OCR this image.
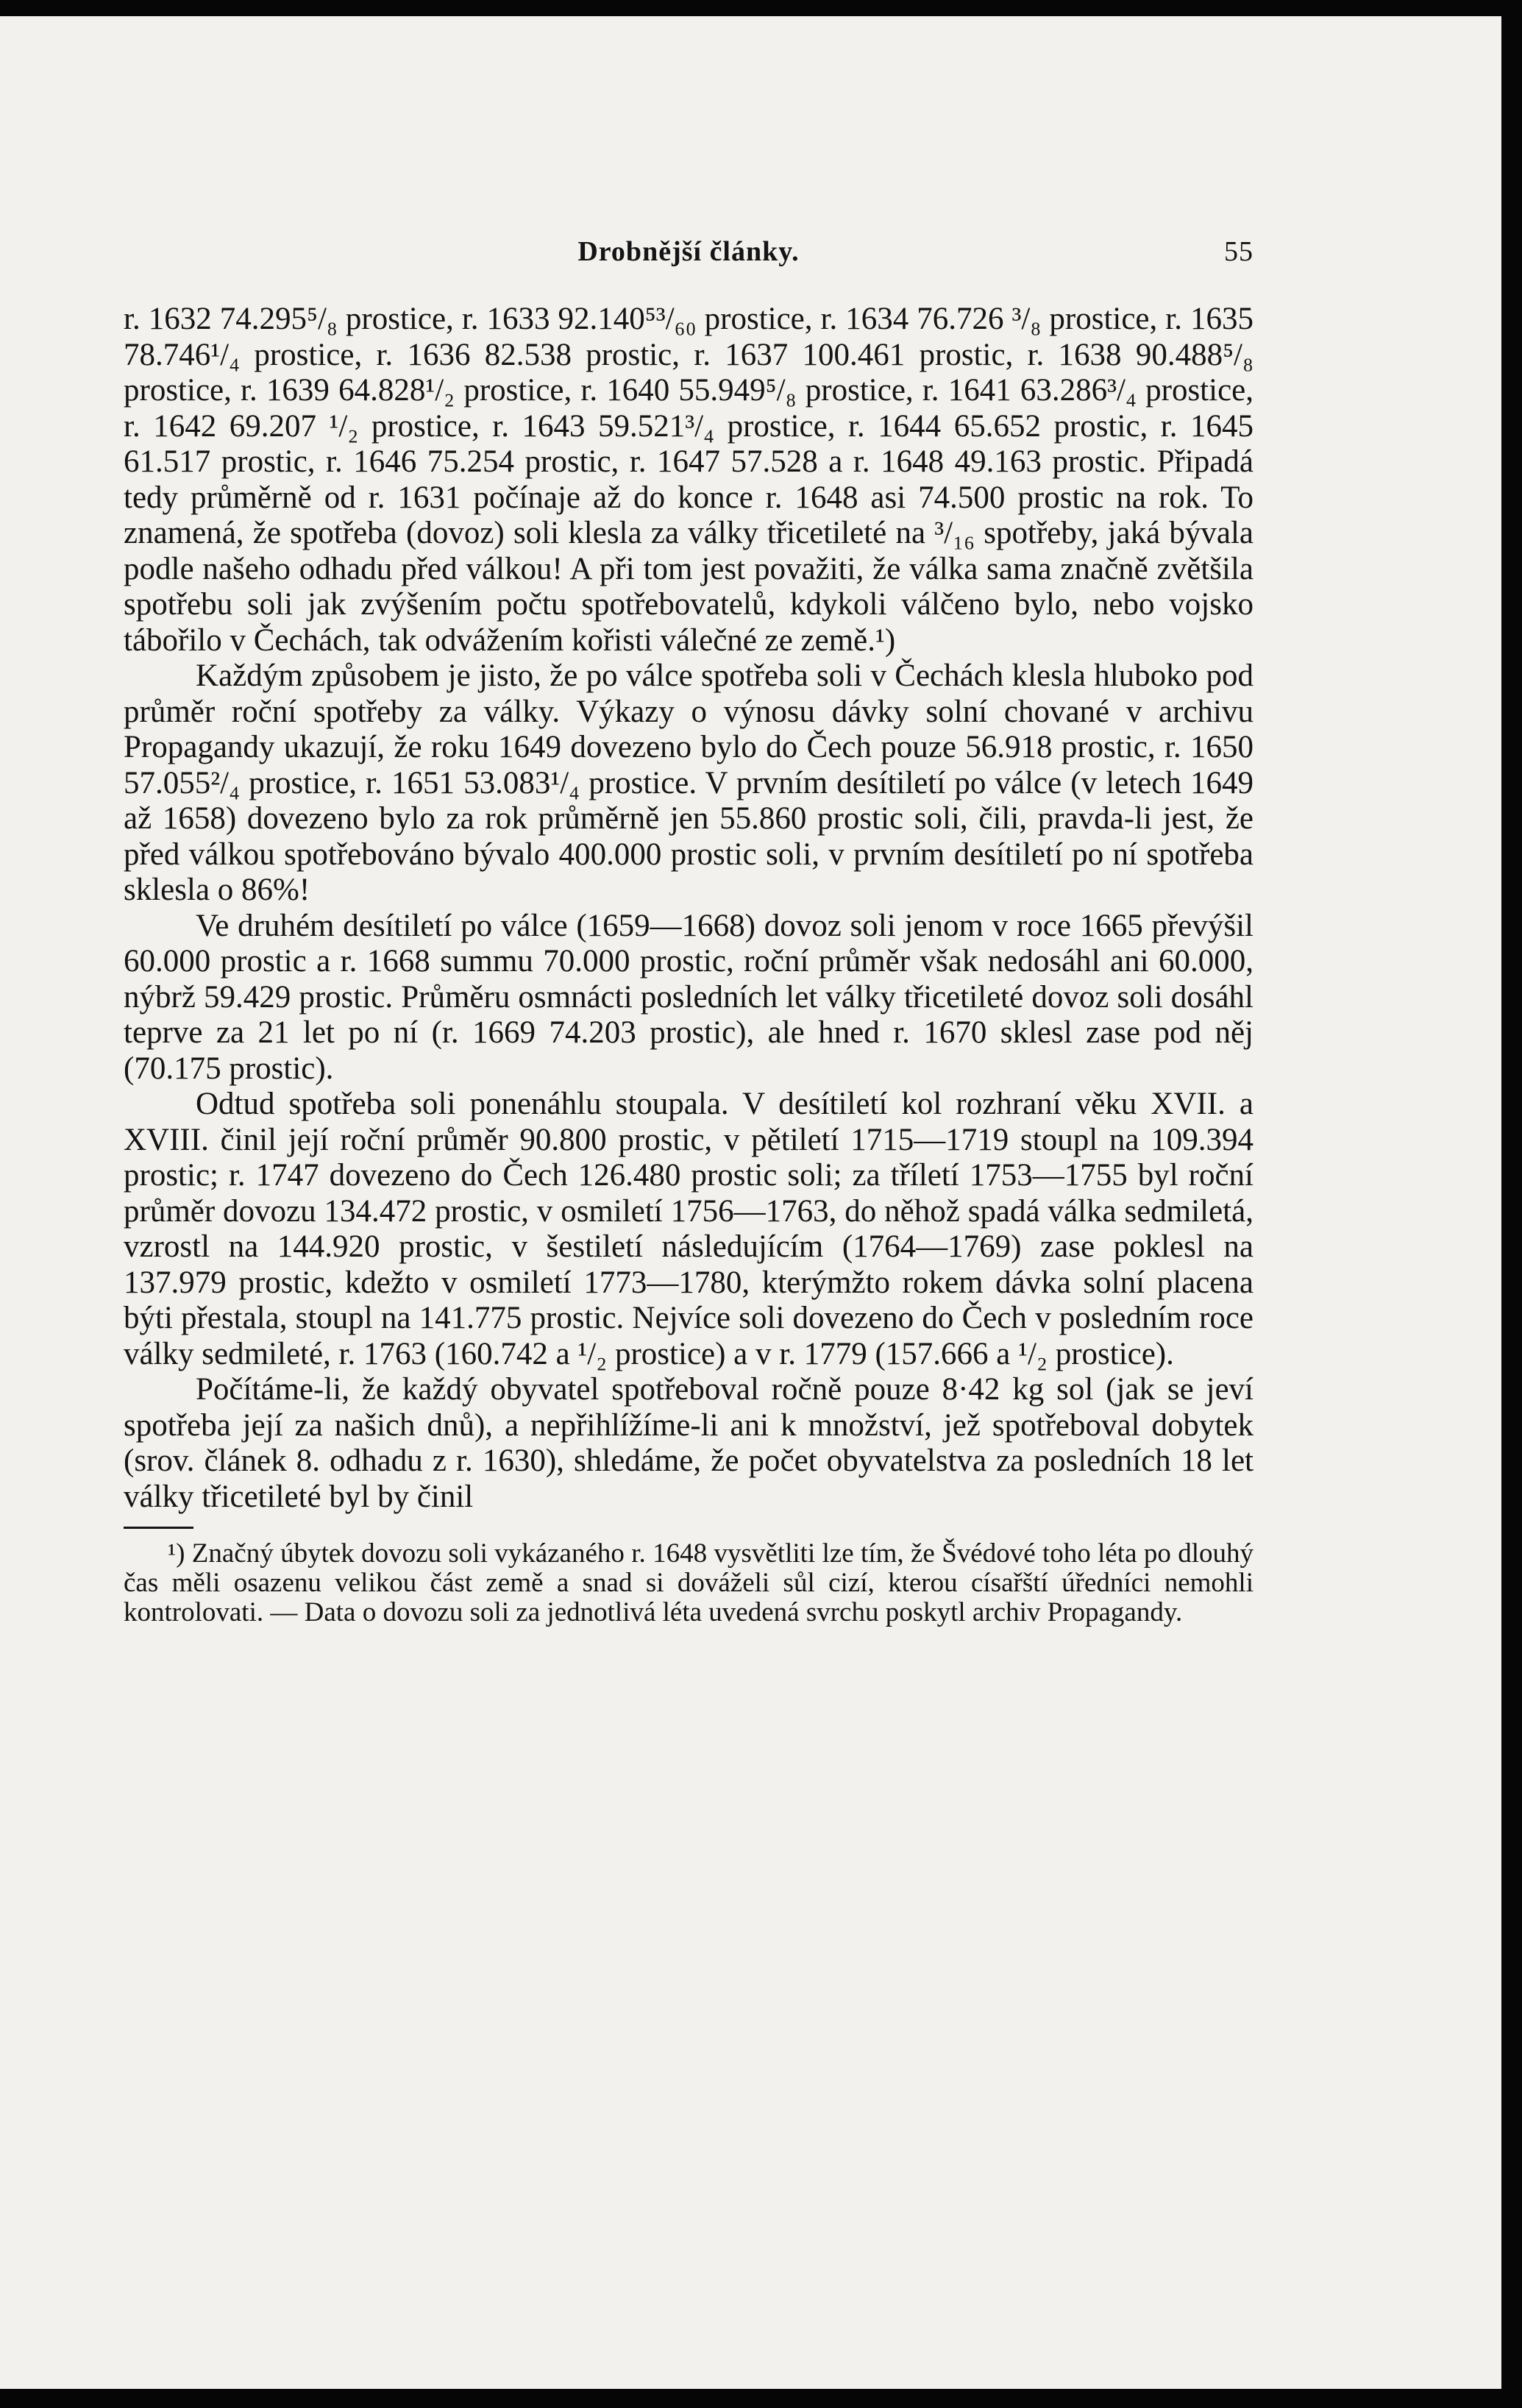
Drobnější články.	55

r. 1632 74.295⁵/₈ prostice, r. 1633 92.140⁵³/₆₀ prostice, r. 1634 76.726 ³/₈ prostice, r. 1635 78.746¹/₄ prostice, r. 1636 82.538 prostic, r. 1637 100.461 prostic, r. 1638 90.488⁵/₈ prostice, r. 1639 64.828¹/₂ prostice, r. 1640 55.949⁵/₈ prostice, r. 1641 63.286³/₄ prostice, r. 1642 69.207 ¹/₂ prostice, r. 1643 59.521³/₄ prostice, r. 1644 65.652 prostic, r. 1645 61.517 prostic, r. 1646 75.254 prostic, r. 1647 57.528 a r. 1648 49.163 prostic. Připadá tedy průměrně od r. 1631 počínaje až do konce r. 1648 asi 74.500 prostic na rok. To znamená, že spotřeba (dovoz) soli klesla za války třicetileté na ³/₁₆ spotřeby, jaká bývala podle našeho odhadu před válkou! A při tom jest považiti, že válka sama značně zvětšila spotřebu soli jak zvýšením počtu spotřebovatelů, kdykoli válčeno bylo, nebo vojsko tábořilo v Čechách, tak odvážením kořisti válečné ze země.¹)

Každým způsobem je jisto, že po válce spotřeba soli v Čechách klesla hluboko pod průměr roční spotřeby za války. Výkazy o výnosu dávky solní chované v archivu Propagandy ukazují, že roku 1649 dovezeno bylo do Čech pouze 56.918 prostic, r. 1650 57.055²/₄ prostice, r. 1651 53.083¹/₄ prostice. V prvním desítiletí po válce (v letech 1649 až 1658) dovezeno bylo za rok průměrně jen 55.860 prostic soli, čili, pravda-li jest, že před válkou spotřebováno bývalo 400.000 prostic soli, v prvním desítiletí po ní spotřeba sklesla o 86%!

Ve druhém desítiletí po válce (1659—1668) dovoz soli jenom v roce 1665 převýšil 60.000 prostic a r. 1668 summu 70.000 prostic, roční průměr však nedosáhl ani 60.000, nýbrž 59.429 prostic. Průměru osmnácti posledních let války třicetileté dovoz soli dosáhl teprve za 21 let po ní (r. 1669 74.203 prostic), ale hned r. 1670 sklesl zase pod něj (70.175 prostic).

Odtud spotřeba soli ponenáhlu stoupala. V desítiletí kol rozhraní věku XVII. a XVIII. činil její roční průměr 90.800 prostic, v pětiletí 1715—1719 stoupl na 109.394 prostic; r. 1747 dovezeno do Čech 126.480 prostic soli; za tříletí 1753—1755 byl roční průměr dovozu 134.472 prostic, v osmiletí 1756—1763, do něhož spadá válka sedmiletá, vzrostl na 144.920 prostic, v šestiletí následujícím (1764—1769) zase poklesl na 137.979 prostic, kdežto v osmiletí 1773—1780, kterýmžto rokem dávka solní placena býti přestala, stoupl na 141.775 prostic. Nejvíce soli dovezeno do Čech v posledním roce války sedmileté, r. 1763 (160.742 a ¹/₂ prostice) a v r. 1779 (157.666 a ¹/₂ prostice).

Počítáme-li, že každý obyvatel spotřeboval ročně pouze 8·42 kg sol (jak se jeví spotřeba její za našich dnů), a nepřihlížíme-li ani k množství, jež spotřeboval dobytek (srov. článek 8. odhadu z r. 1630), shledáme, že počet obyvatelstva za posledních 18 let války třicetileté byl by činil

¹) Značný úbytek dovozu soli vykázaného r. 1648 vysvětliti lze tím, že Švédové toho léta po dlouhý čas měli osazenu velikou část země a snad si dováželi sůl cizí, kterou císařští úředníci nemohli kontrolovati. — Data o dovozu soli za jednotlivá léta uvedená svrchu poskytl archiv Propagandy.
